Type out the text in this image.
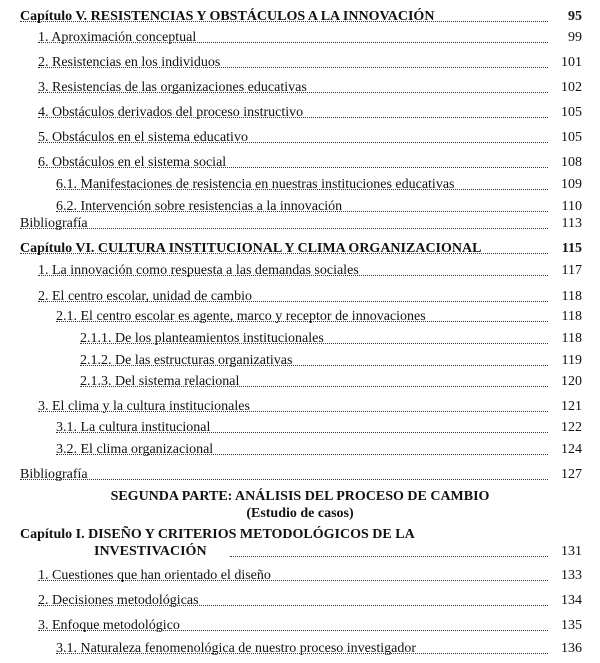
Capítulo V. RESISTENCIAS Y OBSTÁCULOS A LA INNOVACIÓN	95
1. Aproximación conceptual	99
2. Resistencias en los individuos	101
3. Resistencias de las organizaciones educativas	102
4. Obstáculos derivados del proceso instructivo	105
5. Obstáculos en el sistema educativo	105
6. Obstáculos en el sistema social	108
6.1. Manifestaciones de resistencia en nuestras instituciones educativas	109
6.2. Intervención sobre resistencias a la innovación	110
Bibliografía	113
Capítulo VI. CULTURA INSTITUCIONAL Y CLIMA ORGANIZACIONAL	115
1. La innovación como respuesta a las demandas sociales	117
2. El centro escolar, unidad de cambio	118
2.1. El centro escolar es agente, marco y receptor de innovaciones	118
2.1.1. De los planteamientos institucionales	118
2.1.2. De las estructuras organizativas	119
2.1.3. Del sistema relacional	120
3. El clima y la cultura institucionales	121
3.1. La cultura institucional	122
3.2. El clima organizacional	124
Bibliografía	127
SEGUNDA PARTE: ANÁLISIS DEL PROCESO DE CAMBIO
(Estudio de casos)
Capítulo I. DISEÑO Y CRITERIOS METODOLÓGICOS DE LA
INVESTIVACIÓN	131
1. Cuestiones que han orientado el diseño	133
2. Decisiones metodológicas	134
3. Enfoque metodológico	135
3.1. Naturaleza fenomenológica de nuestro proceso investigador	136
